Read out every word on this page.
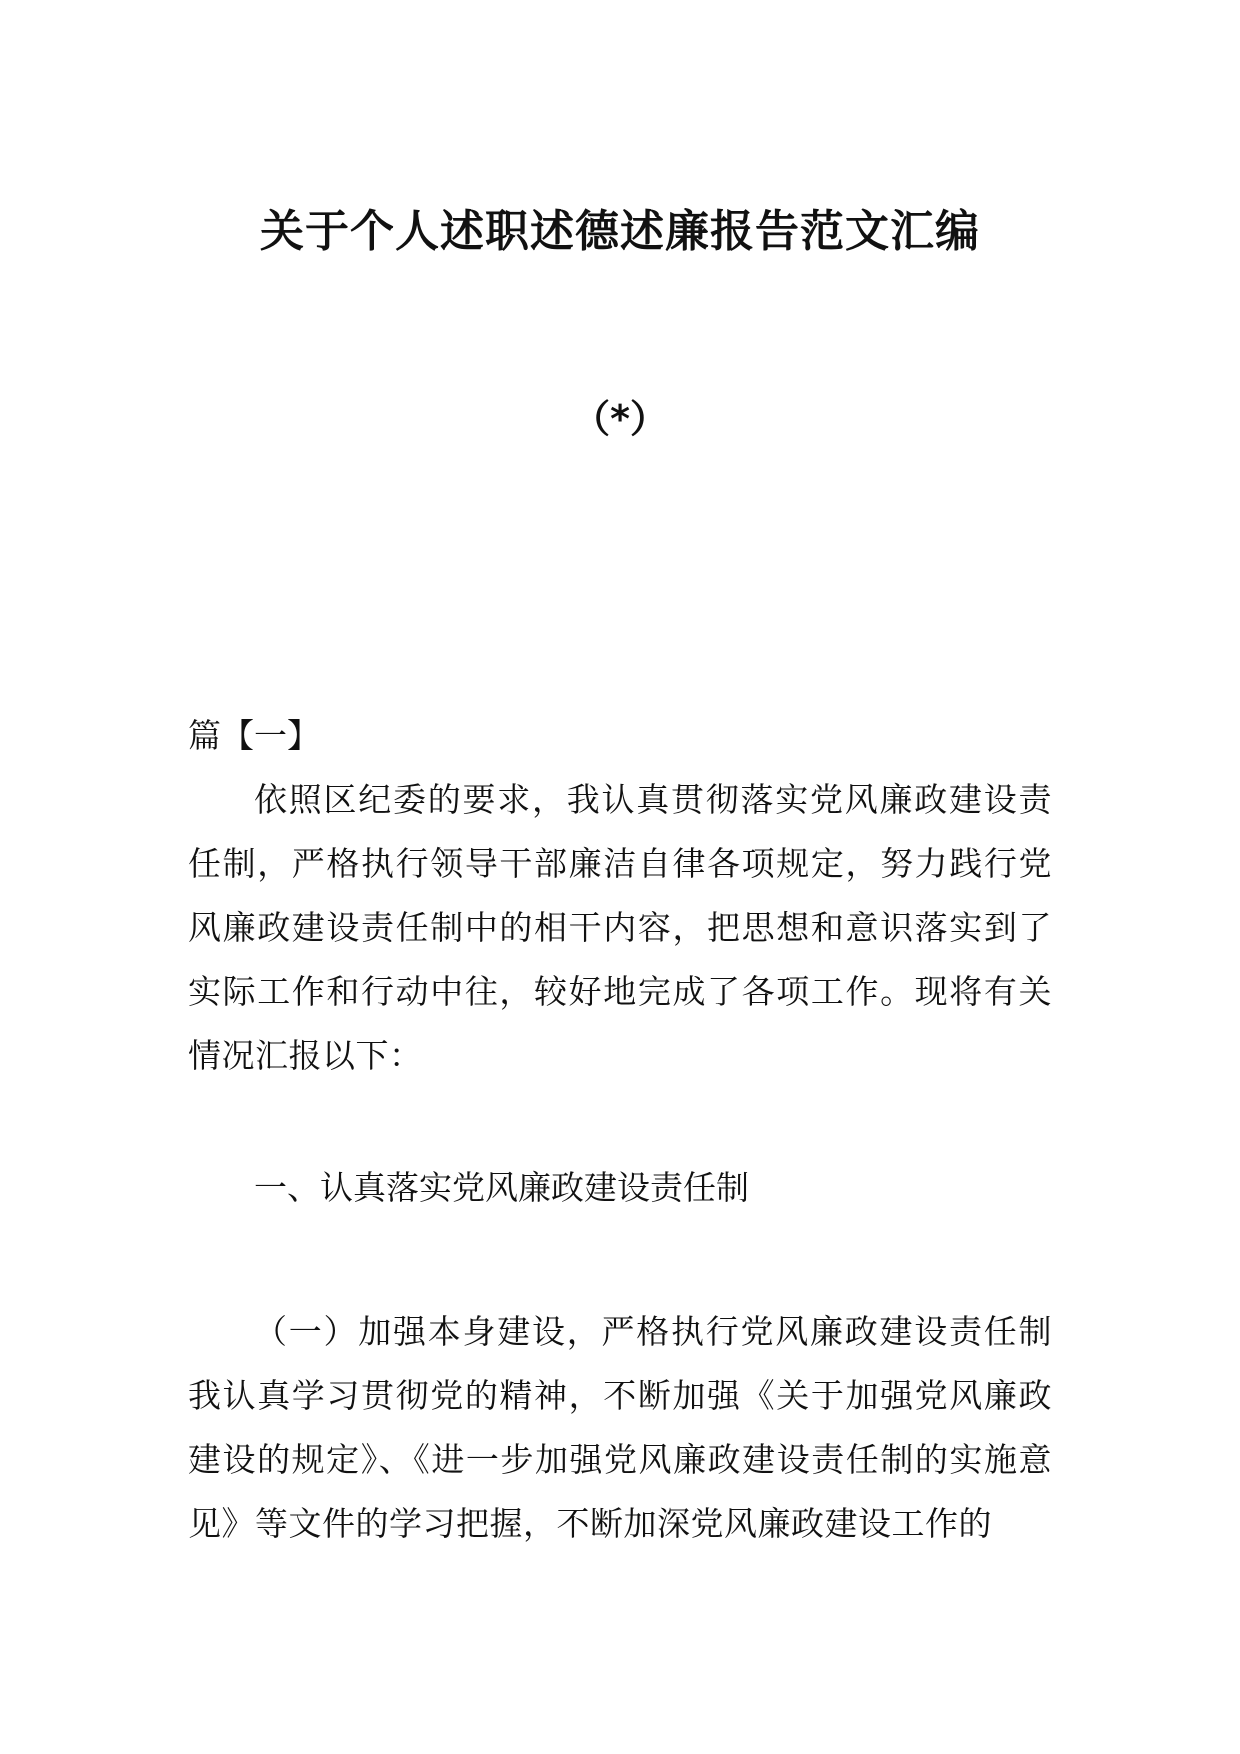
关于个人述职述德述廉报告范文汇编
（*）
篇【一】
依照区纪委的要求，我认真贯彻落实党风廉政建设责任制，严格执行领导干部廉洁自律各项规定，努力践行党风廉政建设责任制中的相干内容，把思想和意识落实到了实际工作和行动中往，较好地完成了各项工作。现将有关情况汇报以下：
一、认真落实党风廉政建设责任制
（一）加强本身建设，严格执行党风廉政建设责任制我认真学习贯彻党的精神，不断加强《关于加强党风廉政建设的规定》、《进一步加强党风廉政建设责任制的实施意见》等文件的学习把握，不断加深党风廉政建设工作的
